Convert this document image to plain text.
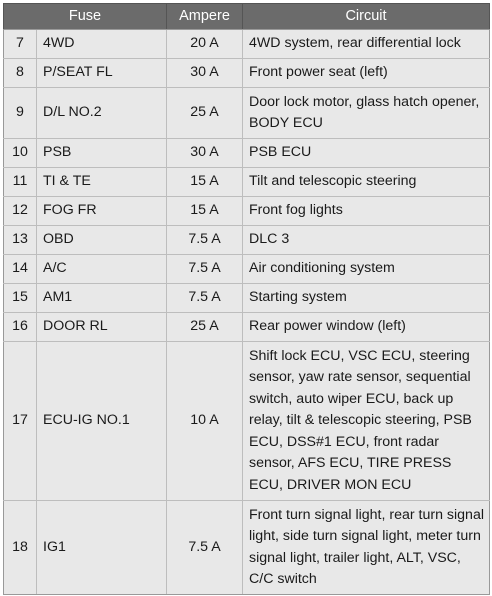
Fuse		Ampere	Circuit
7	4WD	20 A	4WD system, rear differential lock
8	P/SEAT FL	30 A	Front power seat (left)
9	D/L NO.2	25 A	Door lock motor, glass hatch opener, BODY ECU
10	PSB	30 A	PSB ECU
11	TI & TE	15 A	Tilt and telescopic steering
12	FOG FR	15 A	Front fog lights
13	OBD	7.5 A	DLC 3
14	A/C	7.5 A	Air conditioning system
15	AM1	7.5 A	Starting system
16	DOOR RL	25 A	Rear power window (left)
17	ECU-IG NO.1	10 A	Shift lock ECU, VSC ECU, steering sensor, yaw rate sensor, sequential switch, auto wiper ECU, back up relay, tilt & telescopic steering, PSB ECU, DSS#1 ECU, front radar sensor, AFS ECU, TIRE PRESS ECU, DRIVER MON ECU
18	IG1	7.5 A	Front turn signal light, rear turn signal light, side turn signal light, meter turn signal light, trailer light, ALT, VSC, C/C switch
